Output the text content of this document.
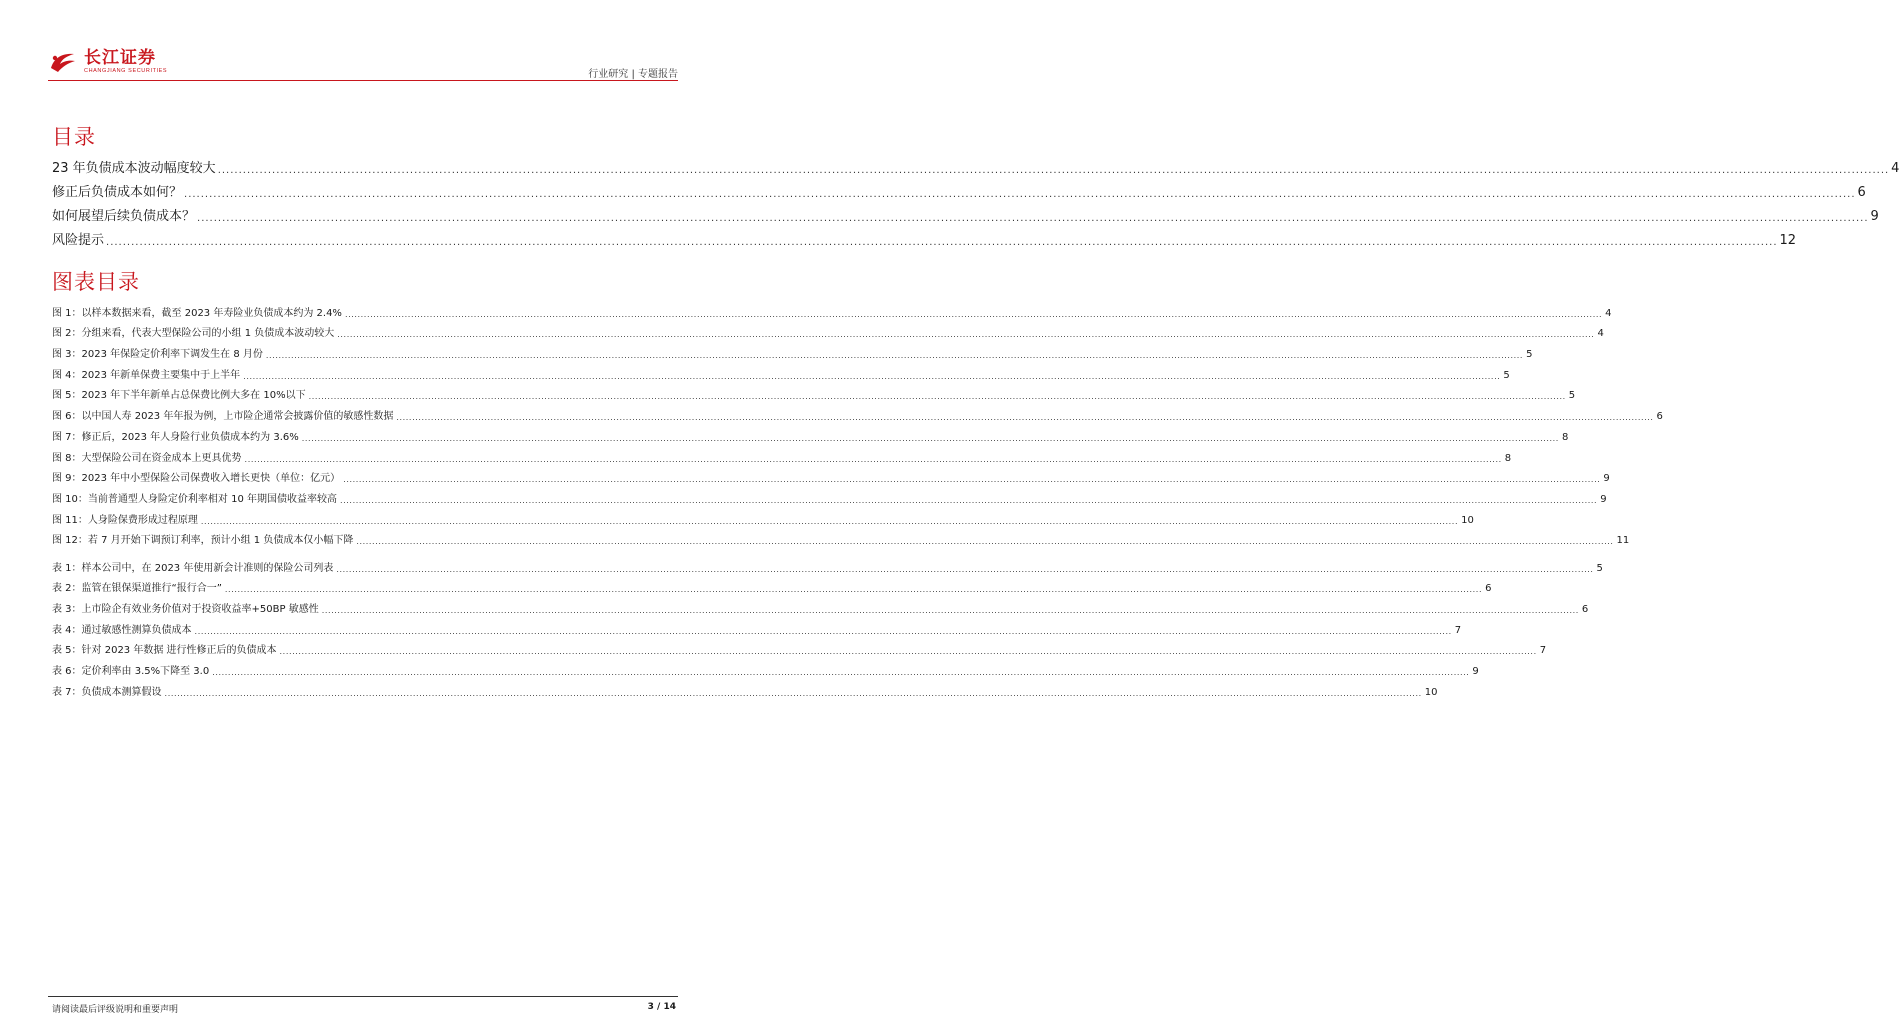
长江证券
CHANGJIANG SECURITIES	行业研究 | 专题报告
目录
23 年负债成本波动幅度较大 ................................................................................................................................................................................................................................................................................................................................................................................................................ 4
修正后负债成本如何？ ................................................................................................................................................................................................................................................................................................................................................................................................................ 6
如何展望后续负债成本？ ................................................................................................................................................................................................................................................................................................................................................................................................................ 9
风险提示 ................................................................................................................................................................................................................................................................................................................................................................................................................ 12
图表目录
图 1：以样本数据来看，截至 2023 年寿险业负债成本约为 2.4% ................................................................................................................................................................................................................................................................................................................................................................................................................ 4
图 2：分组来看，代表大型保险公司的小组 1 负债成本波动较大 ................................................................................................................................................................................................................................................................................................................................................................................................................ 4
图 3：2023 年保险定价利率下调发生在 8 月份 ................................................................................................................................................................................................................................................................................................................................................................................................................ 5
图 4：2023 年新单保费主要集中于上半年 ................................................................................................................................................................................................................................................................................................................................................................................................................ 5
图 5：2023 年下半年新单占总保费比例大多在 10%以下 ................................................................................................................................................................................................................................................................................................................................................................................................................ 5
图 6：以中国人寿 2023 年年报为例，上市险企通常会披露价值的敏感性数据 ................................................................................................................................................................................................................................................................................................................................................................................................................ 6
图 7：修正后，2023 年人身险行业负债成本约为 3.6% ................................................................................................................................................................................................................................................................................................................................................................................................................ 8
图 8：大型保险公司在资金成本上更具优势 ................................................................................................................................................................................................................................................................................................................................................................................................................ 8
图 9：2023 年中小型保险公司保费收入增长更快（单位：亿元） ................................................................................................................................................................................................................................................................................................................................................................................................................ 9
图 10：当前普通型人身险定价利率相对 10 年期国债收益率较高 ................................................................................................................................................................................................................................................................................................................................................................................................................ 9
图 11：人身险保费形成过程原理 ................................................................................................................................................................................................................................................................................................................................................................................................................ 10
图 12：若 7 月开始下调预订利率，预计小组 1 负债成本仅小幅下降 ................................................................................................................................................................................................................................................................................................................................................................................................................ 11
表 1：样本公司中，在 2023 年使用新会计准则的保险公司列表 ................................................................................................................................................................................................................................................................................................................................................................................................................ 5
表 2：监管在银保渠道推行“报行合一” ................................................................................................................................................................................................................................................................................................................................................................................................................ 6
表 3：上市险企有效业务价值对于投资收益率+50BP 敏感性 ................................................................................................................................................................................................................................................................................................................................................................................................................ 6
表 4：通过敏感性测算负债成本 ................................................................................................................................................................................................................................................................................................................................................................................................................ 7
表 5：针对 2023 年数据 进行性修正后的负债成本 ................................................................................................................................................................................................................................................................................................................................................................................................................ 7
表 6：定价利率由 3.5%下降至 3.0 ................................................................................................................................................................................................................................................................................................................................................................................................................ 9
表 7：负债成本测算假设 ................................................................................................................................................................................................................................................................................................................................................................................................................ 10
请阅读最后评级说明和重要声明	3 / 14
